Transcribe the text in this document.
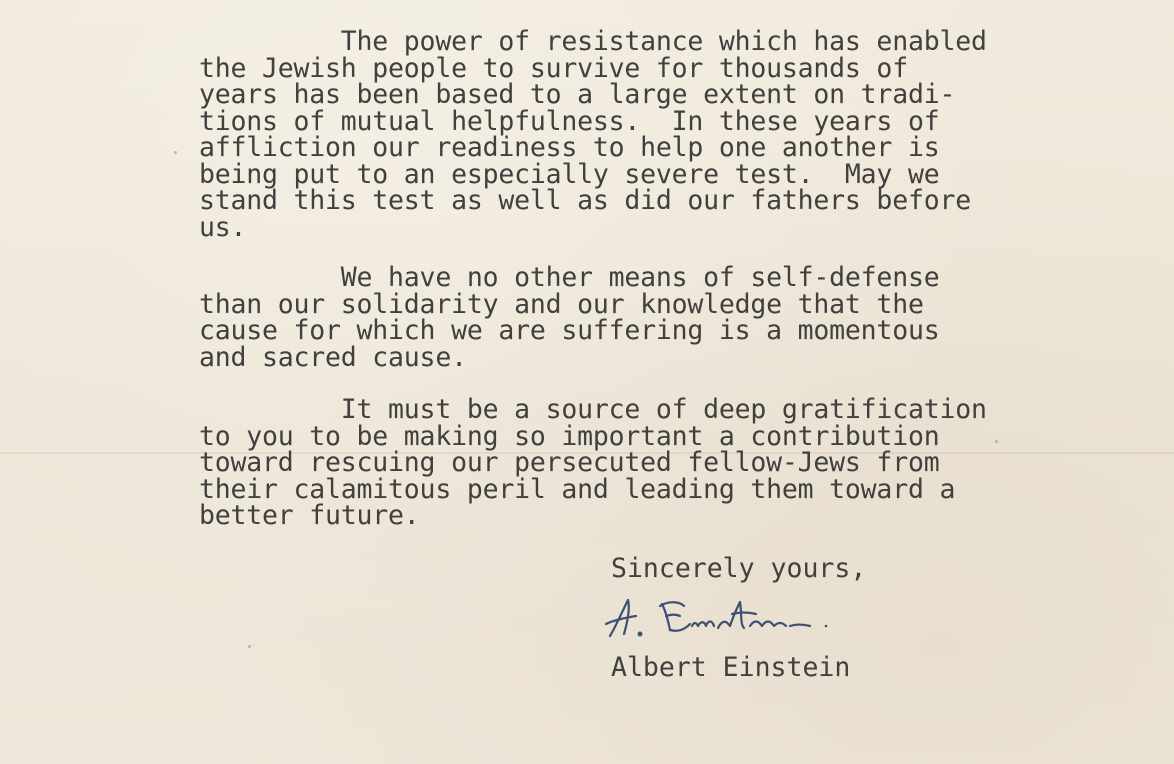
The power of resistance which has enabled
the Jewish people to survive for thousands of
years has been based to a large extent on tradi-
tions of mutual helpfulness.  In these years of
affliction our readiness to help one another is
being put to an especially severe test.  May we
stand this test as well as did our fathers before
us.

We have no other means of self-defense
than our solidarity and our knowledge that the
cause for which we are suffering is a momentous
and sacred cause.

It must be a source of deep gratification
to you to be making so important a contribution
toward rescuing our persecuted fellow-Jews from
their calamitous peril and leading them toward a
better future.

Sincerely yours,

Albert Einstein
